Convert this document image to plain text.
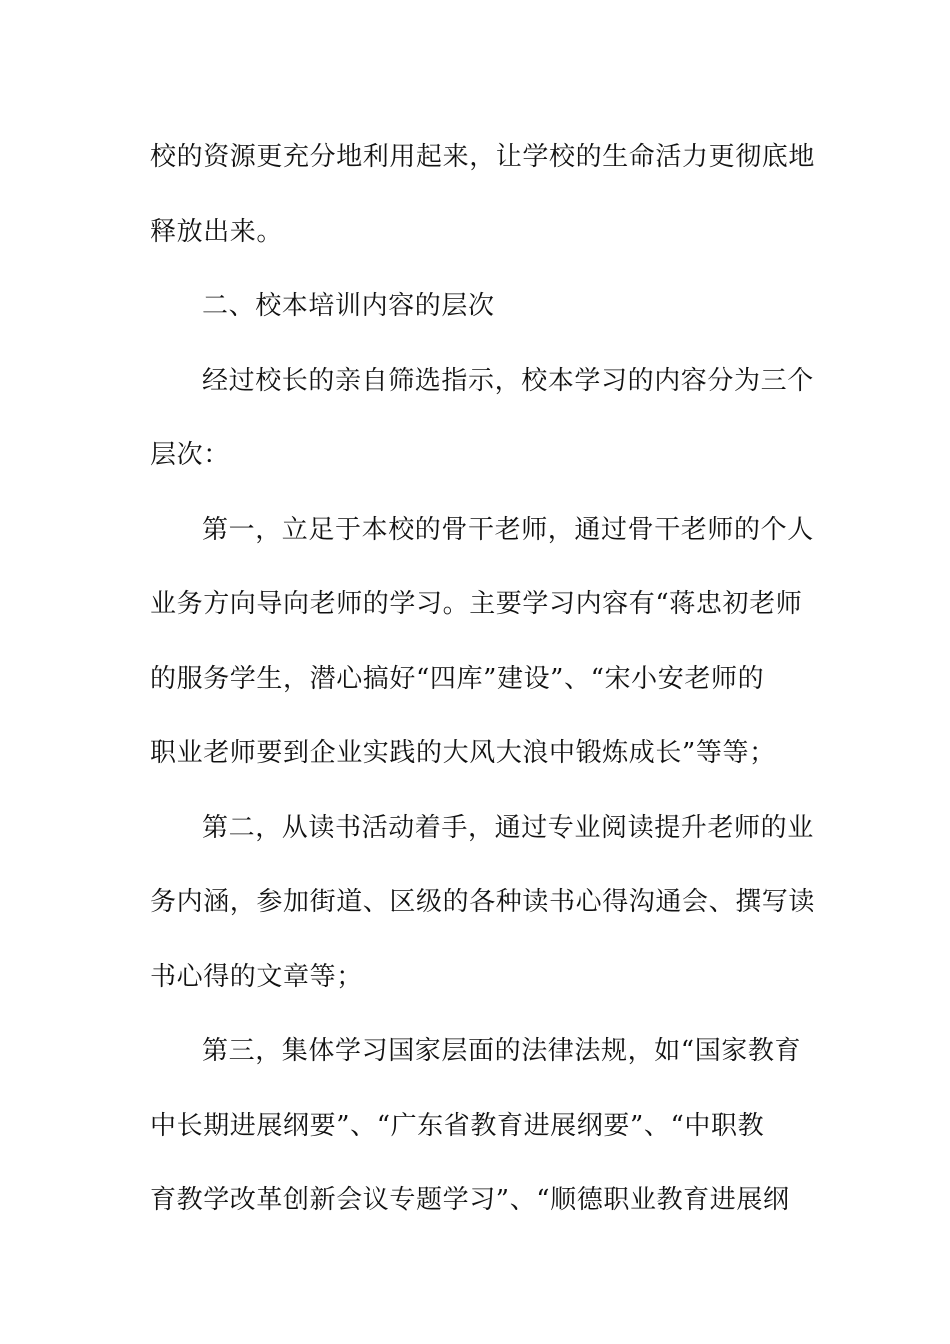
校的资源更充分地利用起来，让学校的生命活力更彻底地
释放出来。
二、校本培训内容的层次
经过校长的亲自筛选指示，校本学习的内容分为三个
层次：
第一，立足于本校的骨干老师，通过骨干老师的个人
业务方向导向老师的学习。主要学习内容有“蒋忠初老师
的服务学生，潜心搞好“四库”建设”、“宋小安老师的
职业老师要到企业实践的大风大浪中锻炼成长”等等；
第二，从读书活动着手，通过专业阅读提升老师的业
务内涵，参加街道、区级的各种读书心得沟通会、撰写读
书心得的文章等；
第三，集体学习国家层面的法律法规，如“国家教育
中长期进展纲要”、“广东省教育进展纲要”、“中职教
育教学改革创新会议专题学习”、“顺德职业教育进展纲
